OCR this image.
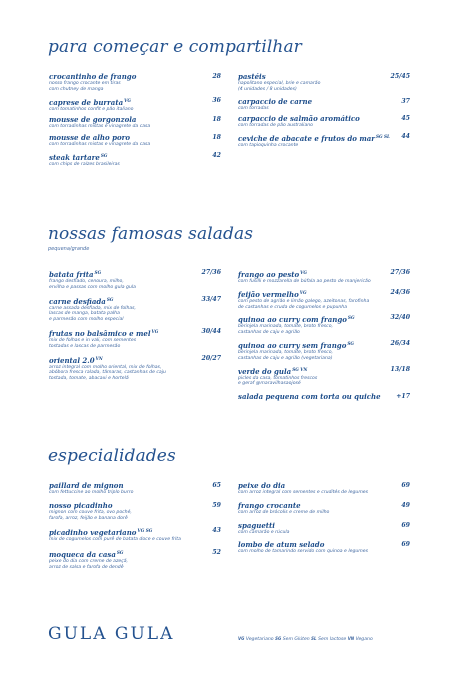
para começar e compartilhar
crocantinho de frango	28
nosso frango crocante em tiras
com chutney de manga
caprese de burrata$^{VG}$	36
com tomatinhos confit e pão italiano
mousse de gorgonzola	18
com torradinhas mistas e vinagrete da casa
mousse de alho poro	18
com torradinhas mistas e vinagrete da casa
steak tartare$^{SG}$	42
com chips de raízes brasileiras
pastéis	25/45
napolitano especial, brie e camarão
(4 unidades / 8 unidades)
carpaccio de carne	37
com torradas
carpaccio de salmão aromático	45
com torradas de pão australiano
ceviche de abacate e frutos do mar$^{SG SL}$	44
com tapioquinha crocante
nossas famosas saladas
pequena/grande
batata frita$^{SG}$	27/36
frango desfiado, cenoura, milho,
ervilha e passas com molho gula gula
carne desfiada$^{SG}$	33/47
carne assada desfiada, mix de folhas,
lascas de manga, batata palha
e parmesão com molho especial
frutas no balsâmico e mel$^{VG}$	30/44
mix de folhas e in vali, com sementes
tostadas e lascas de parmesão
oriental $2.0^{VN}$	20/27
arroz integral com molho oriental, mix de folhas,
abóbora fresca ralada, tâmaras, castanhas de caju
tostada, tomate, abacaxi e hortelã
frango ao pesto$^{VG}$	27/36
com fusilli e mozzarella de búfala ao pesto de manjericão
feijão vermelho$^{VG}$	24/36
com pesto de agrião e limão galego, azeitonas, farofinha
de castanhas e cruda de cogumelos e pupunha
quinoa ao curry com frango$^{SG}$	32/40
berinjela marinada, tomate, broto fresco,
castanhas de caju e agrião
quinoa ao curry sem frango$^{SG}$	26/34
berinjela marinada, tomate, broto fresco,
castanhas de caju e agrião (vegetariana)
verde do gula$^{SG VN}$	13/18
picles da casa, tomatinhos frescos
e geraf @maravilhasaojosé
salada pequena com torta ou quiche	+17
especialidades
paillard de mignon	65
com fettuccine ao molho triplo burro
nosso picadinho	59
mignon com couve frita, ovo poché,
farofa, arroz, feijão e banana dorê
picadinho vegetariano$^{VG SG}$	43
mix de cogumelos com purê de batata doce e couve frita
moqueca da casa$^{SG}$	52
peixe do dia com creme de azeçã,
arroz de salsa e farofa de dendê
peixe do dia	69
com arroz integral com sementes e crudités de legumes
frango crocante	49
com arroz de brócolis e creme de milho
spaguetti	69
com camarão e rúcula
lombo de atum selado	69
com molho de tamarindo servido com quinoa e legumes
GULA GULA	VG Vegetariano SG Sem Glúten SL Sem lactose VN Vegano
